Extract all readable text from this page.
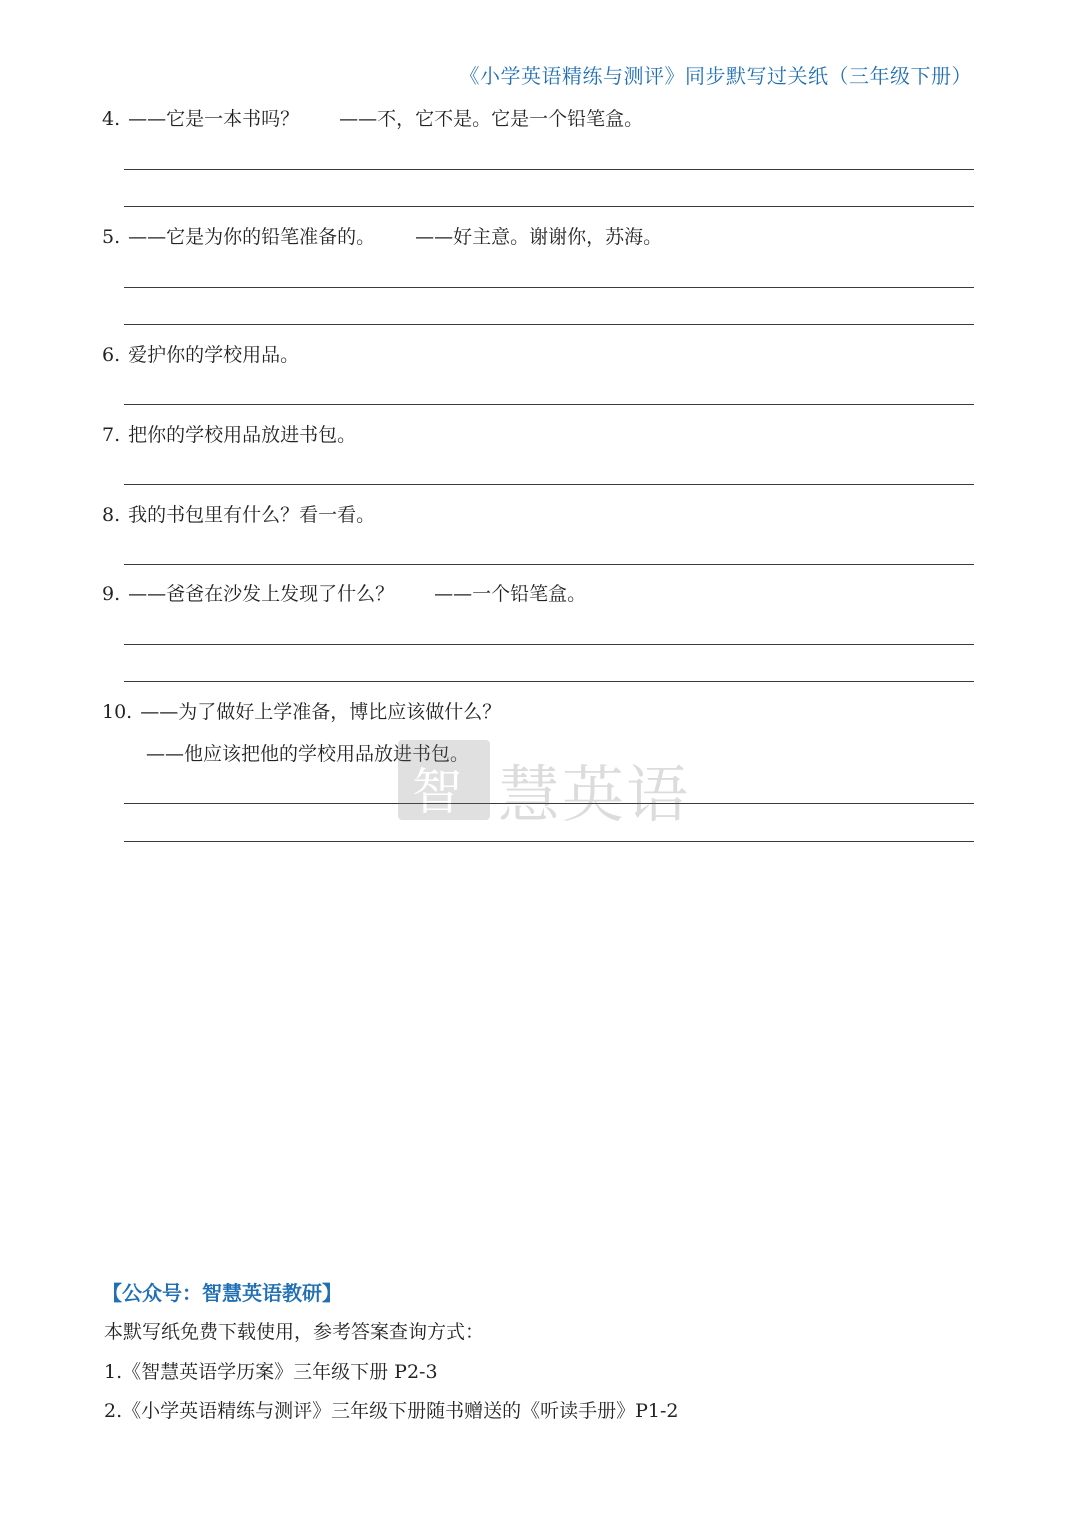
《小学英语精练与测评》同步默写过关纸（三年级下册）
4. ——它是一本书吗？ ——不，它不是。它是一个铅笔盒。
5. ——它是为你的铅笔准备的。 ——好主意。谢谢你，苏海。
6. 爱护你的学校用品。
7. 把你的学校用品放进书包。
8. 我的书包里有什么？看一看。
9. ——爸爸在沙发上发现了什么？ ——一个铅笔盒。
10. ——为了做好上学准备，博比应该做什么？
——他应该把他的学校用品放进书包。
智 慧英语
【公众号：智慧英语教研】
本默写纸免费下载使用，参考答案查询方式：
1.《智慧英语学历案》三年级下册 P2-3
2.《小学英语精练与测评》三年级下册随书赠送的《听读手册》P1-2
